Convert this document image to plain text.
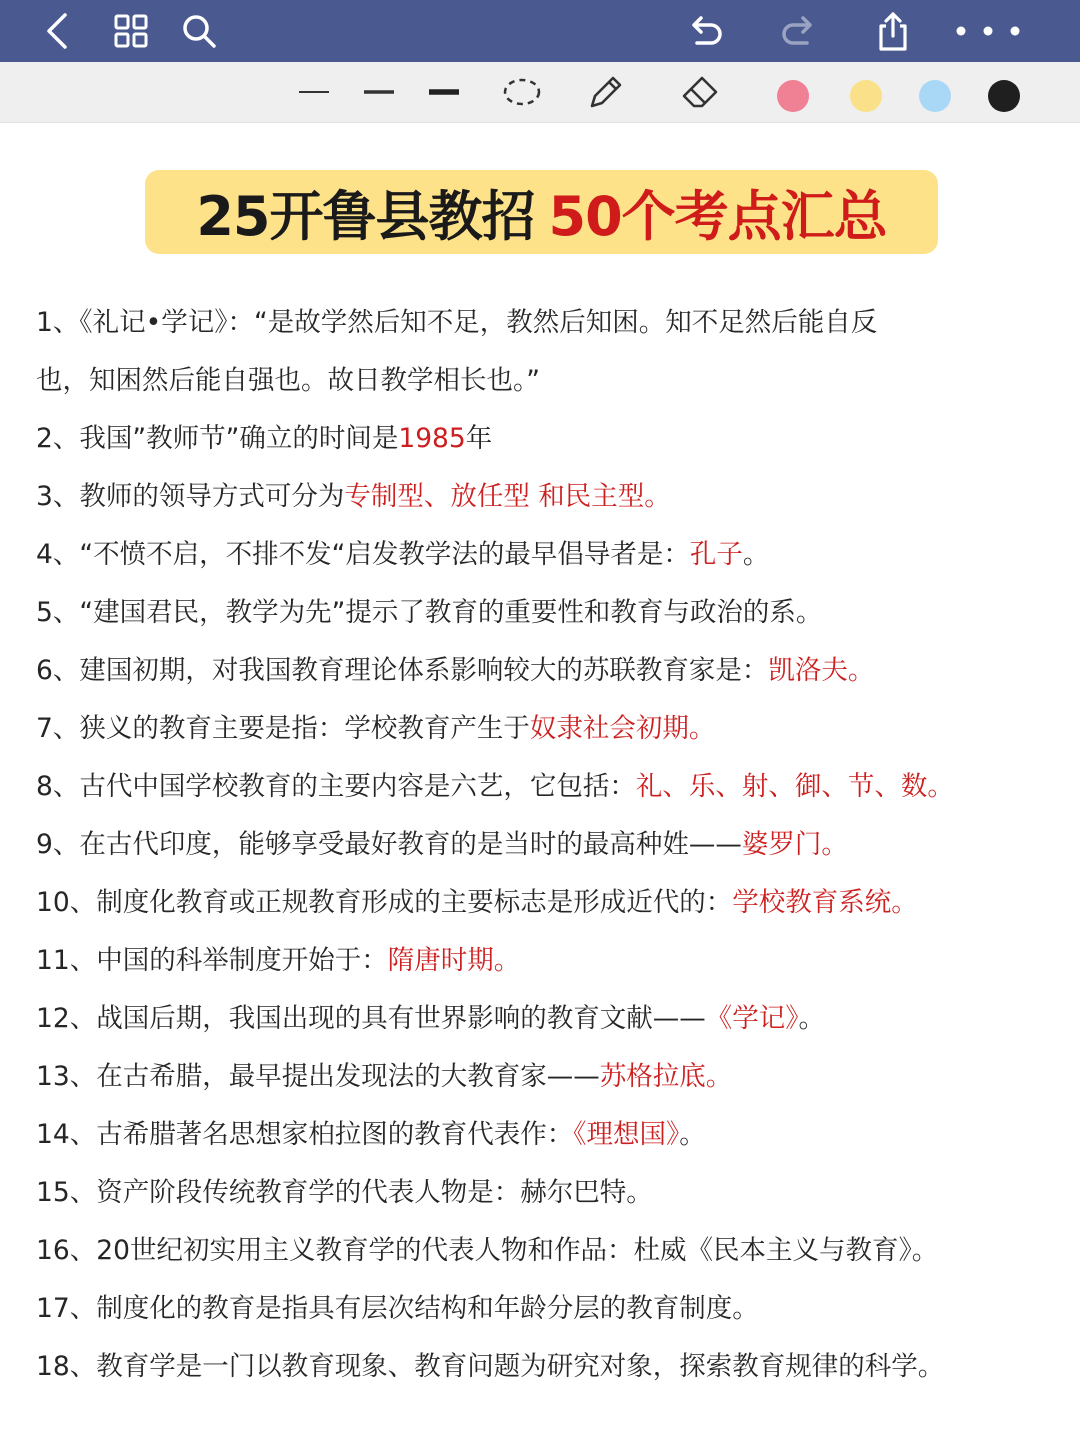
25开鲁县教招 50个考点汇总
1、《礼记•学记》：“是故学然后知不足，教然后知困。知不足然后能自反
也，知困然后能自强也。故日教学相长也。”
2、我国”教师节”确立的时间是1985年
3、教师的领导方式可分为专制型、放任型 和民主型。
4、“不愤不启，不排不发“启发教学法的最早倡导者是：孔子。
5、“建国君民，教学为先”提示了教育的重要性和教育与政治的系。
6、建国初期，对我国教育理论体系影响较大的苏联教育家是：凯洛夫。
7、狭义的教育主要是指：学校教育产生于奴隶社会初期。
8、古代中国学校教育的主要内容是六艺，它包括：礼、乐、射、御、节、数。
9、在古代印度，能够享受最好教育的是当时的最高种姓——婆罗门。
10、制度化教育或正规教育形成的主要标志是形成近代的：学校教育系统。
11、中国的科举制度开始于：隋唐时期。
12、战国后期，我国出现的具有世界影响的教育文献——《学记》。
13、在古希腊，最早提出发现法的大教育家——苏格拉底。
14、古希腊著名思想家柏拉图的教育代表作：《理想国》。
15、资产阶段传统教育学的代表人物是：赫尔巴特。
16、20世纪初实用主义教育学的代表人物和作品：杜威《民本主义与教育》。
17、制度化的教育是指具有层次结构和年龄分层的教育制度。
18、教育学是一门以教育现象、教育问题为研究对象，探索教育规律的科学。
